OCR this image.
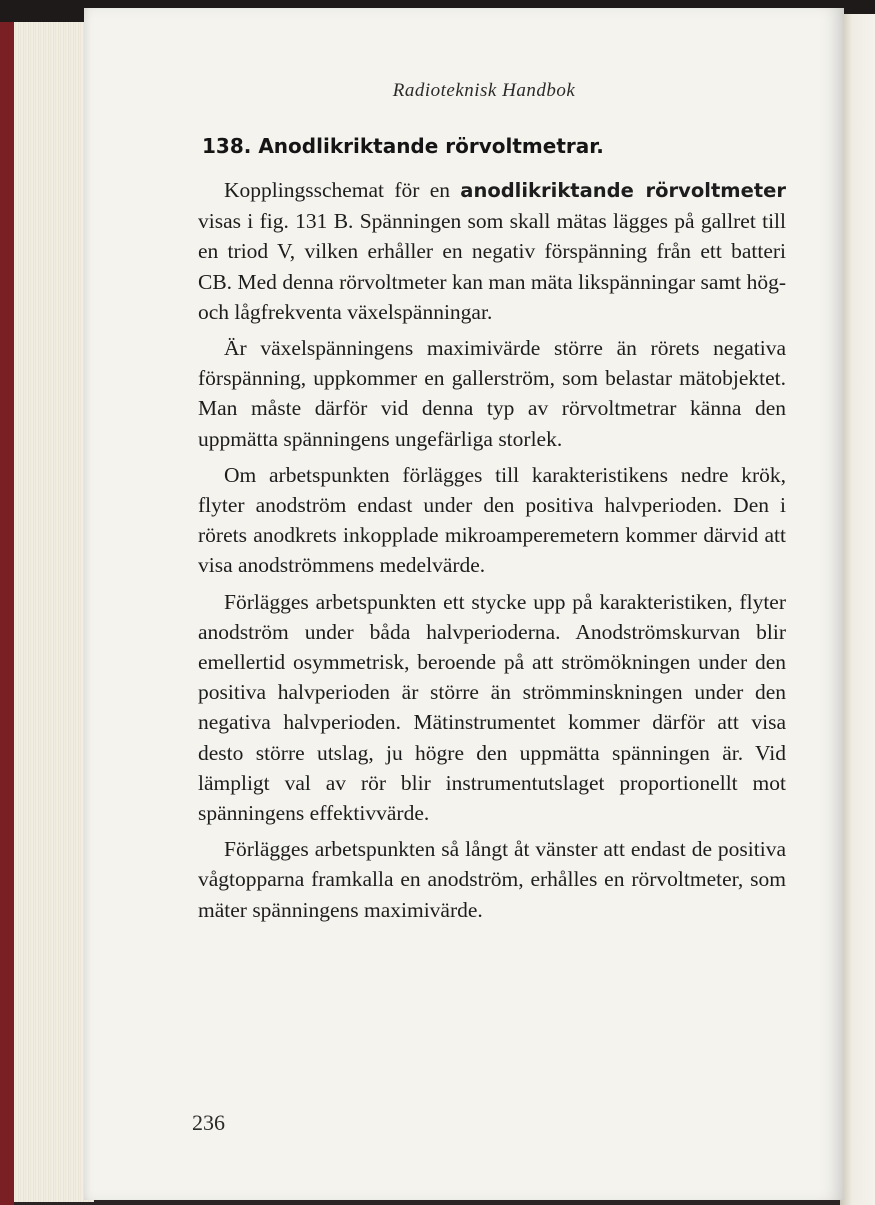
Radioteknisk Handbok
138. Anodlikriktande rörvoltmetrar.

Kopplingsschemat för en anodlikriktande rörvoltmeter visas i fig. 131 B. Spänningen som skall mätas lägges på gallret till en triod V, vilken erhåller en negativ förspänning från ett batteri CB. Med denna rörvoltmeter kan man mäta likspänningar samt hög- och lågfrekventa växelspänningar.

Är växelspänningens maximivärde större än rörets negativa förspänning, uppkommer en gallerström, som belastar mätobjektet. Man måste därför vid denna typ av rörvoltmetrar känna den uppmätta spänningens ungefärliga storlek.

Om arbetspunkten förlägges till karakteristikens nedre krök, flyter anodström endast under den positiva halvperioden. Den i rörets anodkrets inkopplade mikroamperemetern kommer därvid att visa anodströmmens medelvärde.

Förlägges arbetspunkten ett stycke upp på karakteristiken, flyter anodström under båda halvperioderna. Anodströmskurvan blir emellertid osymmetrisk, beroende på att strömökningen under den positiva halvperioden är större än strömminskningen under den negativa halvperioden. Mätinstrumentet kommer därför att visa desto större utslag, ju högre den uppmätta spänningen är. Vid lämpligt val av rör blir instrumentutslaget proportionellt mot spänningens effektivvärde.

Förlägges arbetspunkten så långt åt vänster att endast de positiva vågtopparna framkalla en anodström, erhålles en rörvoltmeter, som mäter spänningens maximivärde.

236
